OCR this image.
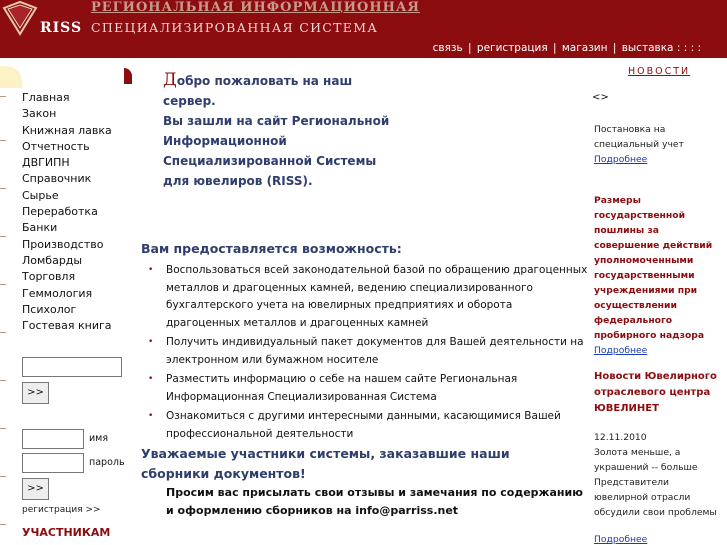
RISS
РЕГИОНАЛЬНАЯ ИНФОРМАЦИОННАЯ
СПЕЦИАЛИЗИРОВАННАЯ СИСТЕМА
связь | регистрация | магазин | выставка : : : :
Главная
Закон
Книжная лавка
Отчетность
ДВГИПН
Справочник
Сырье
Переработка
Банки
Производство
Ломбарды
Торговля
Геммология
Психолог
Гостевая книга
>>
имя
пароль
>>
регистрация >>
УЧАСТНИКАМ
Добро пожаловать на наш сервер.
Вы зашли на сайт Региональной Информационной Специализированной Системы для ювелиров (RISS).
Вам предоставляется возможность:
• Воспользоваться всей законодательной базой по обращению драгоценных металлов и драгоценных камней, ведению специализированного бухгалтерского учета на ювелирных предприятиях и оборота драгоценных металлов и драгоценных камней
• Получить индивидуальный пакет документов для Вашей деятельности на электронном или бумажном носителе
• Разместить информацию о себе на нашем сайте Региональная Информационная Специализированная Система
• Ознакомиться с другими интересными данными, касающимися Вашей профессиональной деятельности
Уважаемые участники системы, заказавшие наши сборники документов!
Просим вас присылать свои отзывы и замечания по содержанию и оформлению сборников на info@parriss.net
НОВОСТИ
<>
Постановка на специальный учет
Подробнее
Размеры государственной пошлины за совершение действий уполномоченными государственными учреждениями при осуществлении федерального пробирного надзора
Подробнее
Новости Ювелирного отраслевого центра ЮВЕЛИНЕТ
12.11.2010
Золота меньше, а украшений -- больше Представители ювелирной отрасли обсудили свои проблемы
Подробнее
